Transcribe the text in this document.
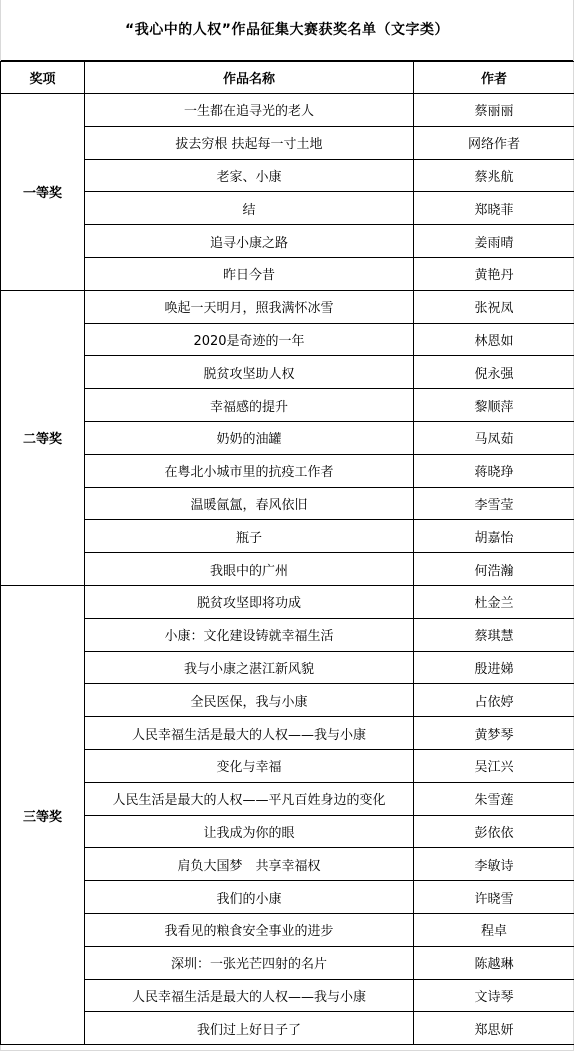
“我心中的人权”作品征集大赛获奖名单（文字类）
奖项	作品名称	作者
一等奖	一生都在追寻光的老人	蔡丽丽
	拔去穷根 扶起每一寸土地	网络作者
	老家、小康	蔡兆航
	结	郑晓菲
	追寻小康之路	姜雨晴
	昨日今昔	黄艳丹
二等奖	唤起一天明月，照我满怀冰雪	张祝凤
	2020是奇迹的一年	林恩如
	脱贫攻坚助人权	倪永强
	幸福感的提升	黎顺萍
	奶奶的油罐	马凤茹
	在粤北小城市里的抗疫工作者	蒋晓琤
	温暖氤氲，春风依旧	李雪莹
	瓶子	胡嘉怡
	我眼中的广州	何浩瀚
三等奖	脱贫攻坚即将功成	杜金兰
	小康：文化建设铸就幸福生活	蔡琪慧
	我与小康之湛江新风貌	殷进娣
	全民医保，我与小康	占依婷
	人民幸福生活是最大的人权——我与小康	黄梦琴
	变化与幸福	吴江兴
	人民生活是最大的人权——平凡百姓身边的变化	朱雪莲
	让我成为你的眼	彭依依
	肩负大国梦　共享幸福权	李敏诗
	我们的小康	许晓雪
	我看见的粮食安全事业的进步	程卓
	深圳：一张光芒四射的名片	陈越琳
	人民幸福生活是最大的人权——我与小康	文诗琴
	我们过上好日子了	郑思妍
